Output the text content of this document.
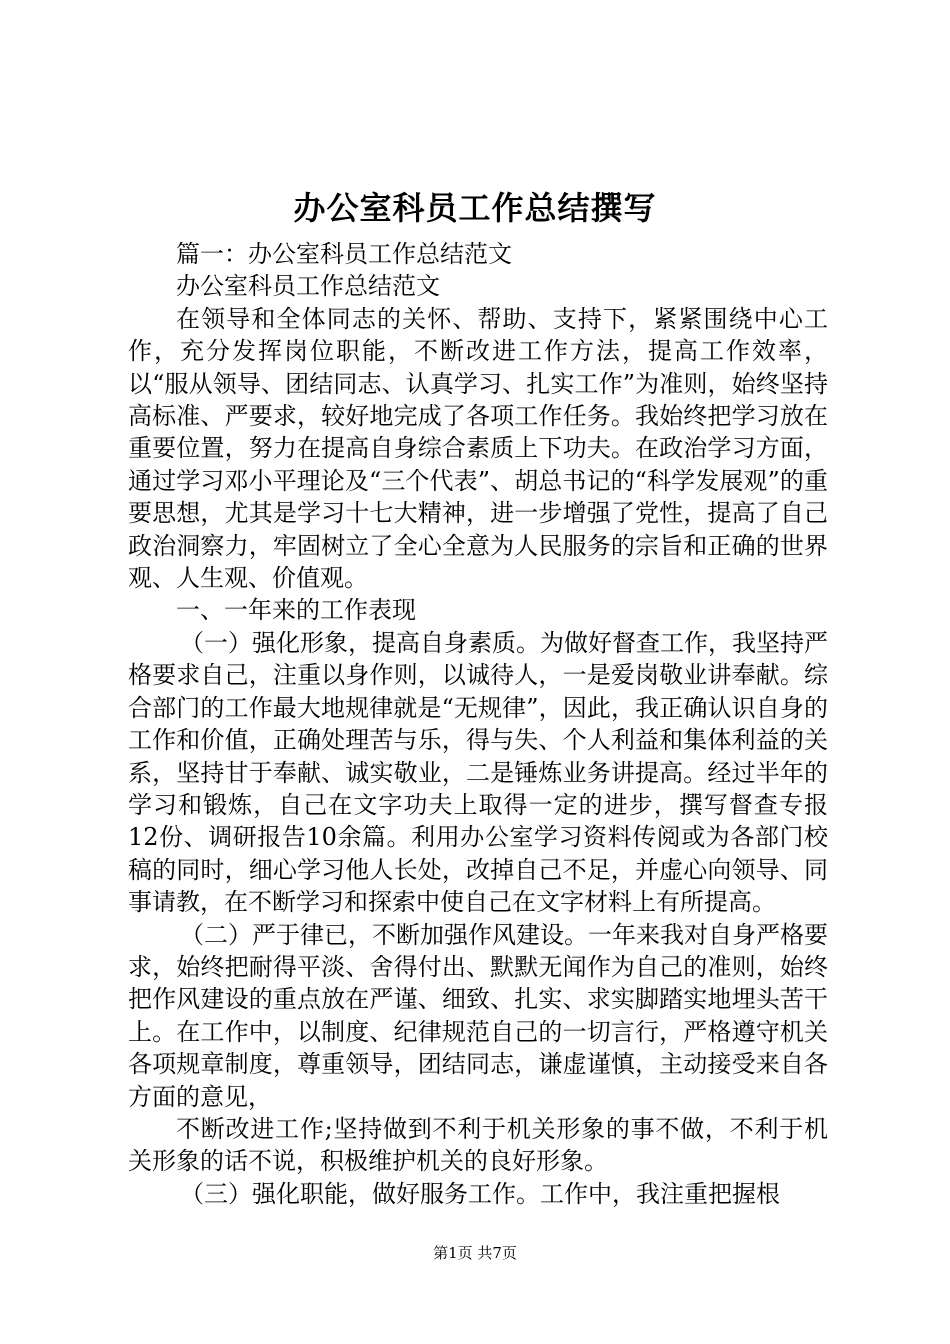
办公室科员工作总结撰写

篇一：办公室科员工作总结范文

办公室科员工作总结范文

在领导和全体同志的关怀、帮助、支持下，紧紧围绕中心工作，充分发挥岗位职能，不断改进工作方法，提高工作效率，以“服从领导、团结同志、认真学习、扎实工作”为准则，始终坚持高标准、严要求，较好地完成了各项工作任务。我始终把学习放在重要位置，努力在提高自身综合素质上下功夫。在政治学习方面，通过学习邓小平理论及“三个代表”、胡总书记的“科学发展观”的重要思想，尤其是学习十七大精神，进一步增强了党性，提高了自己政治洞察力，牢固树立了全心全意为人民服务的宗旨和正确的世界观、人生观、价值观。

一、一年来的工作表现

（一）强化形象，提高自身素质。为做好督查工作，我坚持严格要求自己，注重以身作则，以诚待人，一是爱岗敬业讲奉献。综合部门的工作最大地规律就是“无规律”，因此，我正确认识自身的工作和价值，正确处理苦与乐，得与失、个人利益和集体利益的关系，坚持甘于奉献、诚实敬业，二是锤炼业务讲提高。经过半年的学习和锻炼，自己在文字功夫上取得一定的进步，撰写督查专报12份、调研报告10余篇。利用办公室学习资料传阅或为各部门校稿的同时，细心学习他人长处，改掉自己不足，并虚心向领导、同事请教，在不断学习和探索中使自己在文字材料上有所提高。

（二）严于律已，不断加强作风建设。一年来我对自身严格要求，始终把耐得平淡、舍得付出、默默无闻作为自己的准则，始终把作风建设的重点放在严谨、细致、扎实、求实脚踏实地埋头苦干上。在工作中，以制度、纪律规范自己的一切言行，严格遵守机关各项规章制度，尊重领导，团结同志，谦虚谨慎，主动接受来自各方面的意见，

不断改进工作;坚持做到不利于机关形象的事不做，不利于机关形象的话不说，积极维护机关的良好形象。

（三）强化职能，做好服务工作。工作中，我注重把握根

第1页 共7页
